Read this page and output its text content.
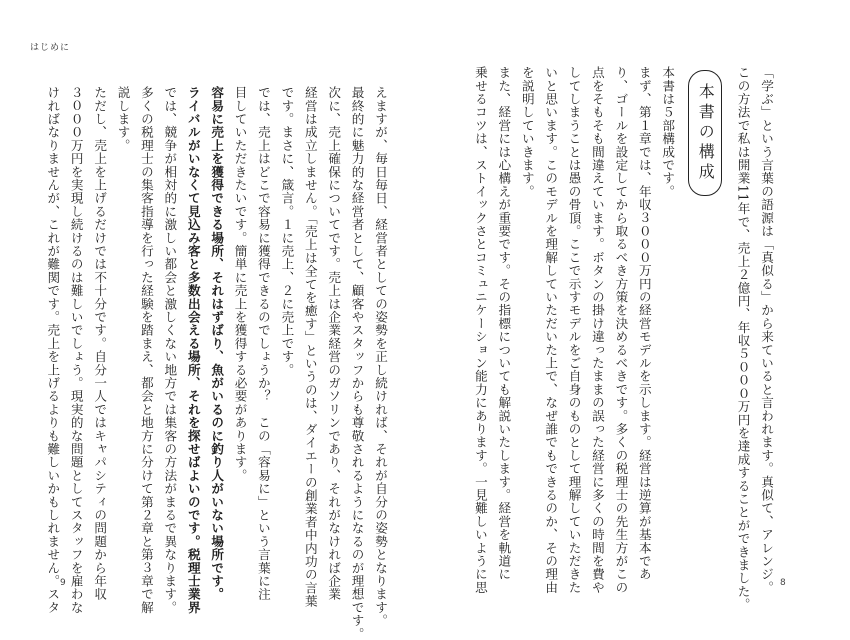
はじめに

「学ぶ」という言葉の語源は「真似る」から来ていると言われます。真似て、アレンジ。

この方法で私は開業11年で、売上２億円、年収５０００万円を達成することができました。

本書の構成

本書は５部構成です。

まず、第１章では、年収３０００万円の経営モデルを示します。経営は逆算が基本であ

り、ゴールを設定してから取るべき方策を決めるべきです。多くの税理士の先生方がこの

点をそもそも間違えています。ボタンの掛け違ったままの誤った経営に多くの時間を費や

してしまうことは愚の骨頂。ここで示すモデルをご自身のものとして理解していただきた

いと思います。このモデルを理解していただいた上で、なぜ誰でもできるのか、その理由

を説明していきます。

また、経営には心構えが重要です。その指標についても解説いたします。経営を軌道に

乗せるコツは、ストイックさとコミュニケーション能力にあります。一見難しいように思

えますが、毎日毎日、経営者としての姿勢を正し続ければ、それが自分の姿勢となります。

最終的に魅力的な経営者として、顧客やスタッフからも尊敬されるようになるのが理想です。

次に、売上確保についてです。売上は企業経営のガソリンであり、それがなければ企業

経営は成立しません。「売上は全てを癒す」というのは、ダイエーの創業者中内功の言葉

です。まさに、箴言。１に売上、２に売上です。

では、売上はどこで容易に獲得できるのでしょうか？　この「容易に」という言葉に注

目していただきたいです。簡単に売上を獲得する必要があります。

容易に売上を獲得できる場所、それはずばり、魚がいるのに釣り人がいない場所です。

ライバルがいなくて見込み客と多数出会える場所、それを探せばよいのです。税理士業界

では、競争が相対的に激しい都会と激しくない地方では集客の方法がまるで異なります。

多くの税理士の集客指導を行った経験を踏まえ、都会と地方に分けて第２章と第３章で解

説します。

ただし、売上を上げるだけでは不十分です。自分一人ではキャパシティの問題から年収

３０００万円を実現し続けるのは難しいでしょう。現実的な問題としてスタッフを雇わな

ければなりませんが、これが難関です。売上を上げるよりも難しいかもしれません。スタ 9	8
